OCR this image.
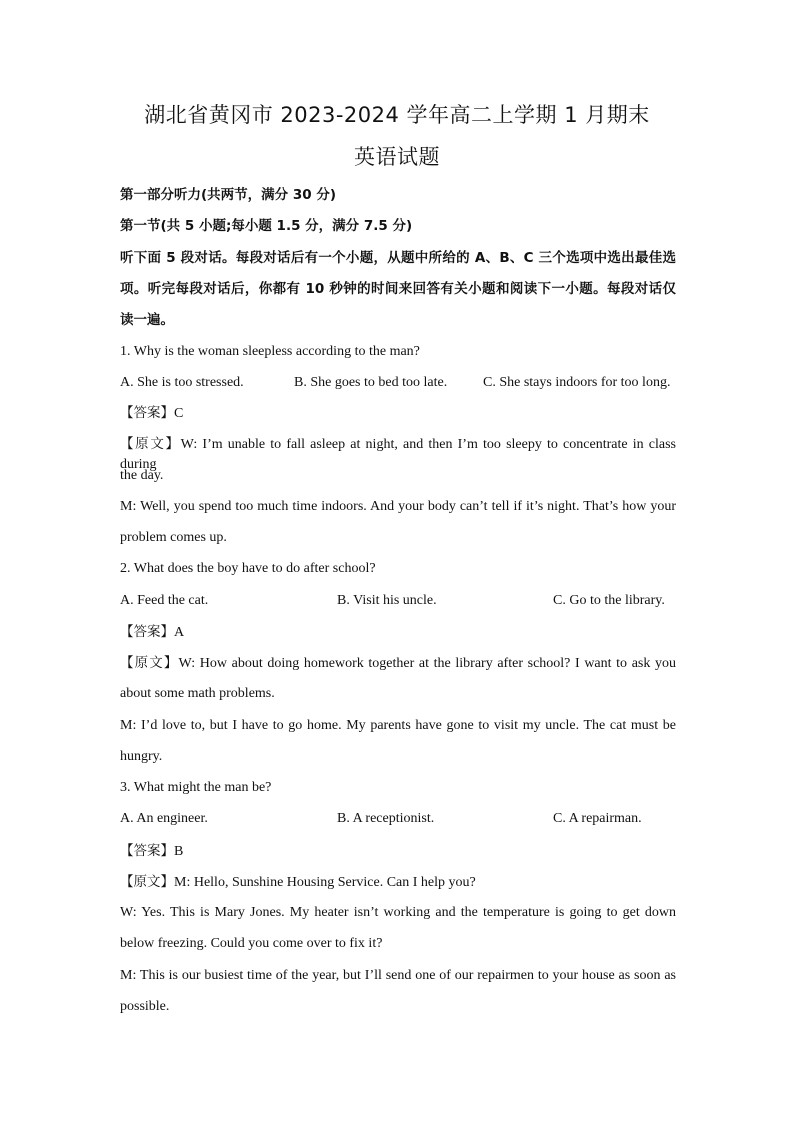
湖北省黄冈市 2023-2024 学年高二上学期 1 月期末
英语试题
第一部分听力(共两节，满分 30 分)
第一节(共 5 小题;每小题 1.5 分，满分 7.5 分)
听下面 5 段对话。每段对话后有一个小题，从题中所给的 A、B、C 三个选项中选出最佳选
项。听完每段对话后，你都有 10 秒钟的时间来回答有关小题和阅读下一小题。每段对话仅
读一遍。
1. Why is the woman sleepless according to the man?
A. She is too stressed.	B. She goes to bed too late.	C. She stays indoors for too long.
【答案】C
【原文】W: I’m unable to fall asleep at night, and then I’m too sleepy to concentrate in class during
the day.
M: Well, you spend too much time indoors. And your body can’t tell if it’s night. That’s how your
problem comes up.
2. What does the boy have to do after school?
A. Feed the cat.	B. Visit his uncle.	C. Go to the library.
【答案】A
【原文】W: How about doing homework together at the library after school? I want to ask you
about some math problems.
M: I’d love to, but I have to go home. My parents have gone to visit my uncle. The cat must be
hungry.
3. What might the man be?
A. An engineer.	B. A receptionist.	C. A repairman.
【答案】B
【原文】M: Hello, Sunshine Housing Service. Can I help you?
W: Yes. This is Mary Jones. My heater isn’t working and the temperature is going to get down
below freezing. Could you come over to fix it?
M: This is our busiest time of the year, but I’ll send one of our repairmen to your house as soon as
possible.
